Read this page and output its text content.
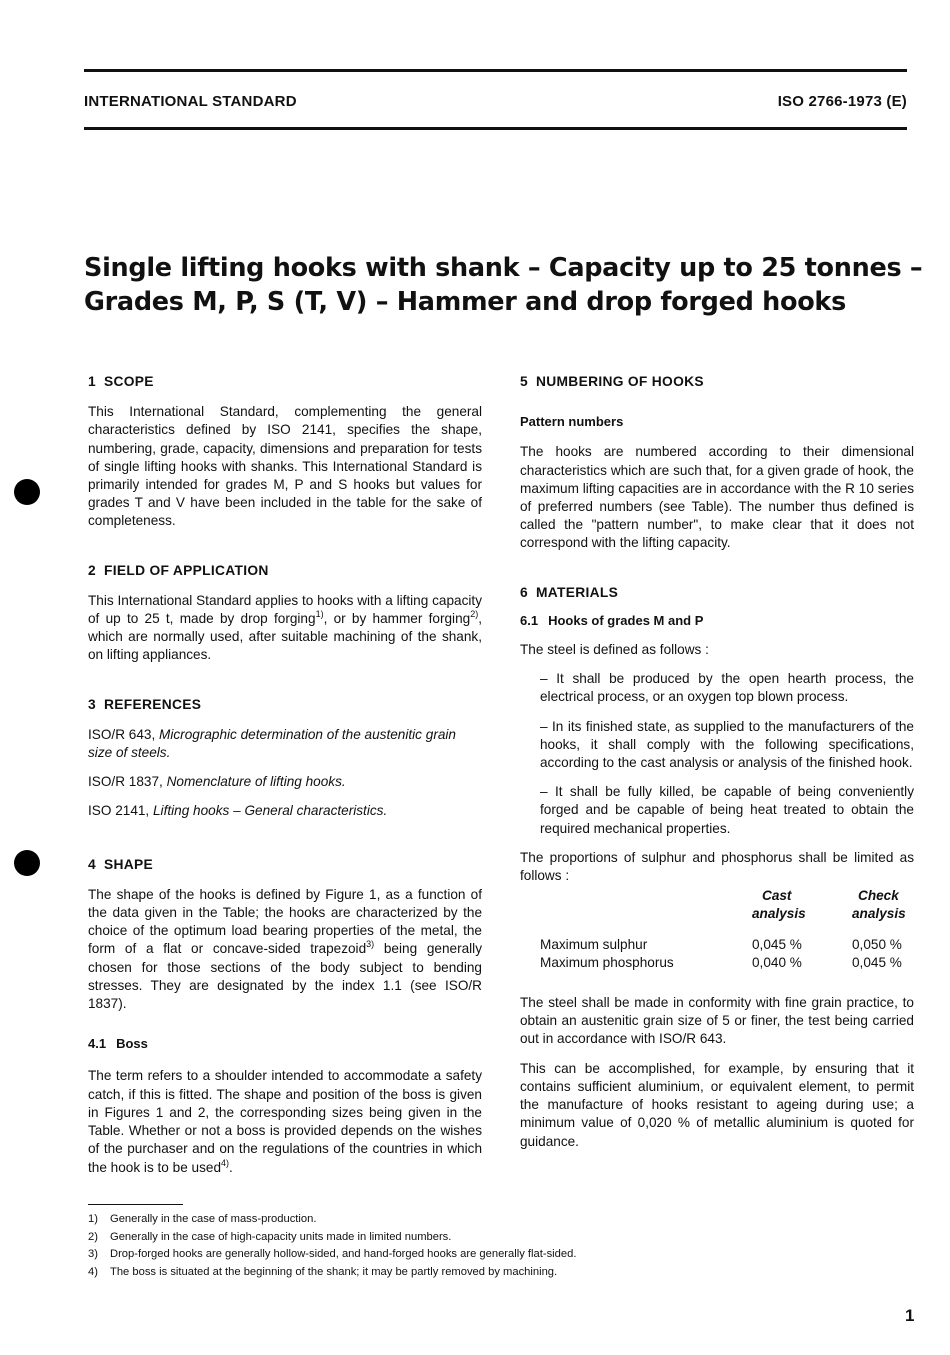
INTERNATIONAL STANDARD	ISO 2766-1973 (E)
Single lifting hooks with shank – Capacity up to 25 tonnes –
Grades M, P, S (T, V) – Hammer and drop forged hooks

1 SCOPE

This International Standard, complementing the general characteristics defined by ISO 2141, specifies the shape, numbering, grade, capacity, dimensions and preparation for tests of single lifting hooks with shanks. This International Standard is primarily intended for grades M, P and S hooks but values for grades T and V have been included in the table for the sake of completeness.

2 FIELD OF APPLICATION

This International Standard applies to hooks with a lifting capacity of up to 25 t, made by drop forging$^{1)}$, or by hammer forging$^{2)}$, which are normally used, after suitable machining of the shank, on lifting appliances.

3 REFERENCES

ISO/R 643, Micrographic determination of the austenitic grain size of steels.

ISO/R 1837, Nomenclature of lifting hooks.

ISO 2141, Lifting hooks – General characteristics.

4 SHAPE

The shape of the hooks is defined by Figure 1, as a function of the data given in the Table; the hooks are characterized by the choice of the optimum load bearing properties of the metal, the form of a flat or concave-sided trapezoid$^{3)}$ being generally chosen for those sections of the body subject to bending stresses. They are designated by the index 1.1 (see ISO/R 1837).

4.1 Boss

The term refers to a shoulder intended to accommodate a safety catch, if this is fitted. The shape and position of the boss is given in Figures 1 and 2, the corresponding sizes being given in the Table. Whether or not a boss is provided depends on the wishes of the purchaser and on the regulations of the countries in which the hook is to be used$^{4)}$.

5 NUMBERING OF HOOKS

Pattern numbers

The hooks are numbered according to their dimensional characteristics which are such that, for a given grade of hook, the maximum lifting capacities are in accordance with the R 10 series of preferred numbers (see Table). The number thus defined is called the "pattern number", to make clear that it does not correspond with the lifting capacity.

6 MATERIALS

6.1 Hooks of grades M and P

The steel is defined as follows :

– It shall be produced by the open hearth process, the electrical process, or an oxygen top blown process.

– In its finished state, as supplied to the manufacturers of the hooks, it shall comply with the following specifications, according to the cast analysis or analysis of the finished hook.

– It shall be fully killed, be capable of being conveniently forged and be capable of being heat treated to obtain the required mechanical properties.

The proportions of sulphur and phosphorus shall be limited as follows :

	Cast
analysis	Check
analysis

Maximum sulphur	0,045 %	0,050 %
Maximum phosphorus	0,040 %	0,045 %

The steel shall be made in conformity with fine grain practice, to obtain an austenitic grain size of 5 or finer, the test being carried out in accordance with ISO/R 643.

This can be accomplished, for example, by ensuring that it contains sufficient aluminium, or equivalent element, to permit the manufacture of hooks resistant to ageing during use; a minimum value of 0,020 % of metallic aluminium is quoted for guidance.

1) Generally in the case of mass-production.
2) Generally in the case of high-capacity units made in limited numbers.
3) Drop-forged hooks are generally hollow-sided, and hand-forged hooks are generally flat-sided.
4) The boss is situated at the beginning of the shank; it may be partly removed by machining.
1
